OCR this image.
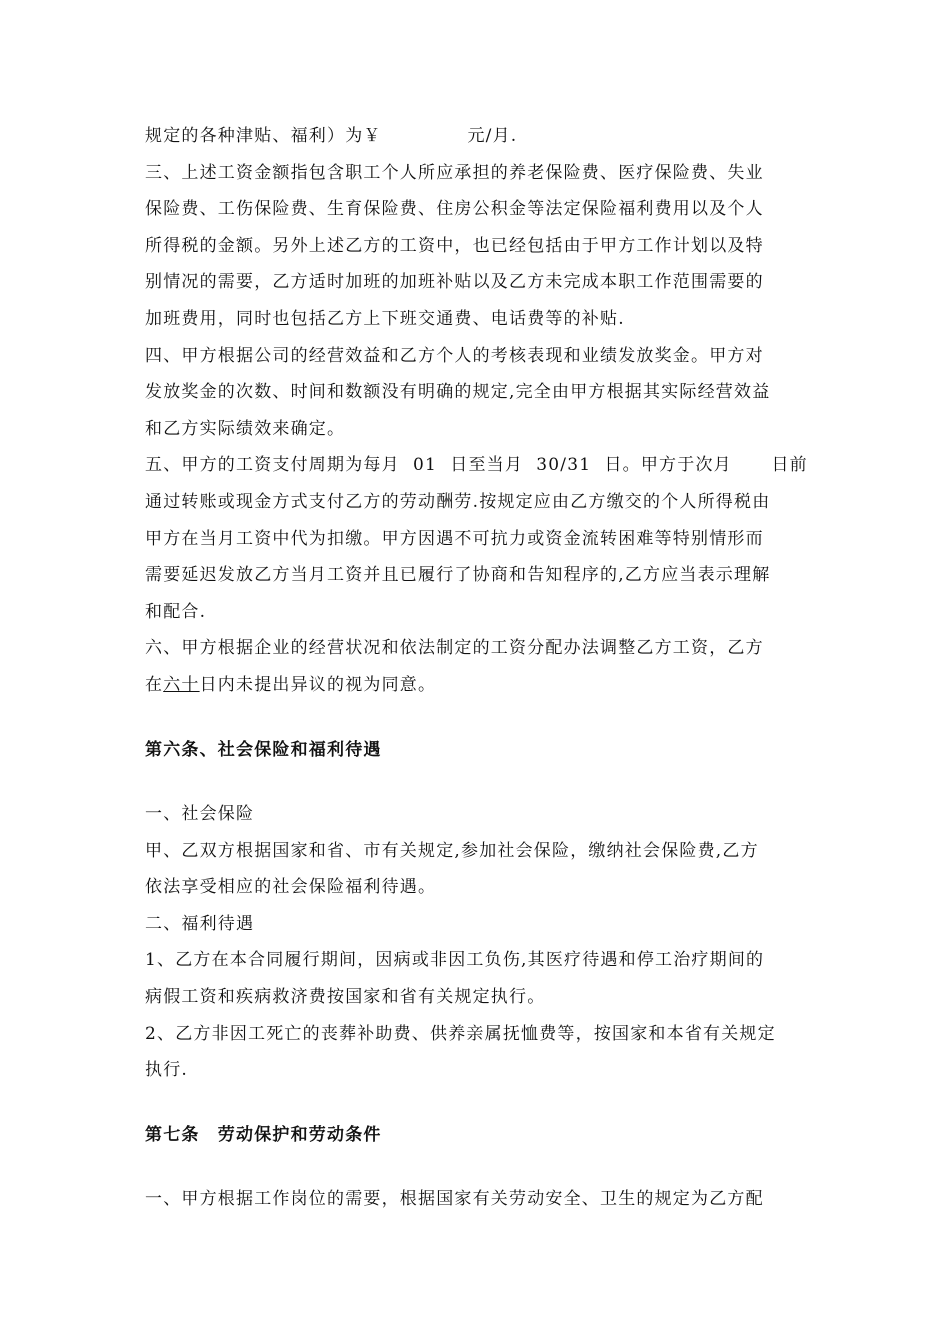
规定的各种津贴、福利）为￥             元/月.
三、上述工资金额指包含职工个人所应承担的养老保险费、医疗保险费、失业
保险费、工伤保险费、生育保险费、住房公积金等法定保险福利费用以及个人
所得税的金额。另外上述乙方的工资中，也已经包括由于甲方工作计划以及特
别情况的需要，乙方适时加班的加班补贴以及乙方未完成本职工作范围需要的
加班费用，同时也包括乙方上下班交通费、电话费等的补贴.
四、甲方根据公司的经营效益和乙方个人的考核表现和业绩发放奖金。甲方对
发放奖金的次数、时间和数额没有明确的规定,完全由甲方根据其实际经营效益
和乙方实际绩效来确定。
五、甲方的工资支付周期为每月  01  日至当月  30/31  日。甲方于次月      日前
通过转账或现金方式支付乙方的劳动酬劳.按规定应由乙方缴交的个人所得税由
甲方在当月工资中代为扣缴。甲方因遇不可抗力或资金流转困难等特别情形而
需要延迟发放乙方当月工资并且已履行了协商和告知程序的,乙方应当表示理解
和配合.
六、甲方根据企业的经营状况和依法制定的工资分配办法调整乙方工资，乙方
在六十日内未提出异议的视为同意。
第六条、社会保险和福利待遇
一、社会保险
甲、乙双方根据国家和省、市有关规定,参加社会保险，缴纳社会保险费,乙方
依法享受相应的社会保险福利待遇。
二、福利待遇
1、乙方在本合同履行期间，因病或非因工负伤,其医疗待遇和停工治疗期间的
病假工资和疾病救济费按国家和省有关规定执行。
2、乙方非因工死亡的丧葬补助费、供养亲属抚恤费等，按国家和本省有关规定
执行.
第七条　劳动保护和劳动条件
一、甲方根据工作岗位的需要，根据国家有关劳动安全、卫生的规定为乙方配
